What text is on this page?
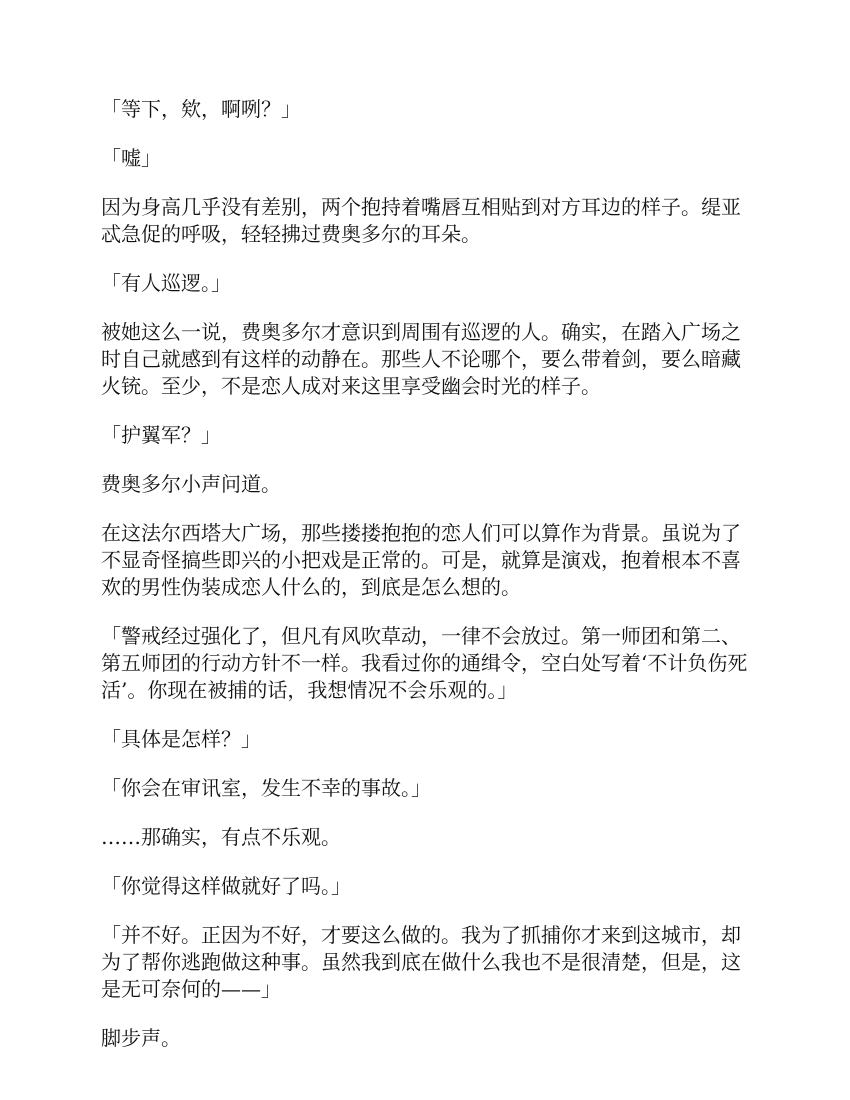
「等下，欸，啊咧？」

「嘘」

因为身高几乎没有差别，两个抱持着嘴唇互相贴到对方耳边的样子。缇亚忒急促的呼吸，轻轻拂过费奥多尔的耳朵。

「有人巡逻。」

被她这么一说，费奥多尔才意识到周围有巡逻的人。确实，在踏入广场之时自己就感到有这样的动静在。那些人不论哪个，要么带着剑，要么暗藏火铳。至少，不是恋人成对来这里享受幽会时光的样子。

「护翼军？」

费奥多尔小声问道。

在这法尔西塔大广场，那些搂搂抱抱的恋人们可以算作为背景。虽说为了不显奇怪搞些即兴的小把戏是正常的。可是，就算是演戏，抱着根本不喜欢的男性伪装成恋人什么的，到底是怎么想的。

「警戒经过强化了，但凡有风吹草动，一律不会放过。第一师团和第二、第五师团的行动方针不一样。我看过你的通缉令，空白处写着‘不计负伤死活’。你现在被捕的话，我想情况不会乐观的。」

「具体是怎样？」

「你会在审讯室，发生不幸的事故。」

……那确实，有点不乐观。

「你觉得这样做就好了吗。」

「并不好。正因为不好，才要这么做的。我为了抓捕你才来到这城市，却为了帮你逃跑做这种事。虽然我到底在做什么我也不是很清楚，但是，这是无可奈何的——」

脚步声。
